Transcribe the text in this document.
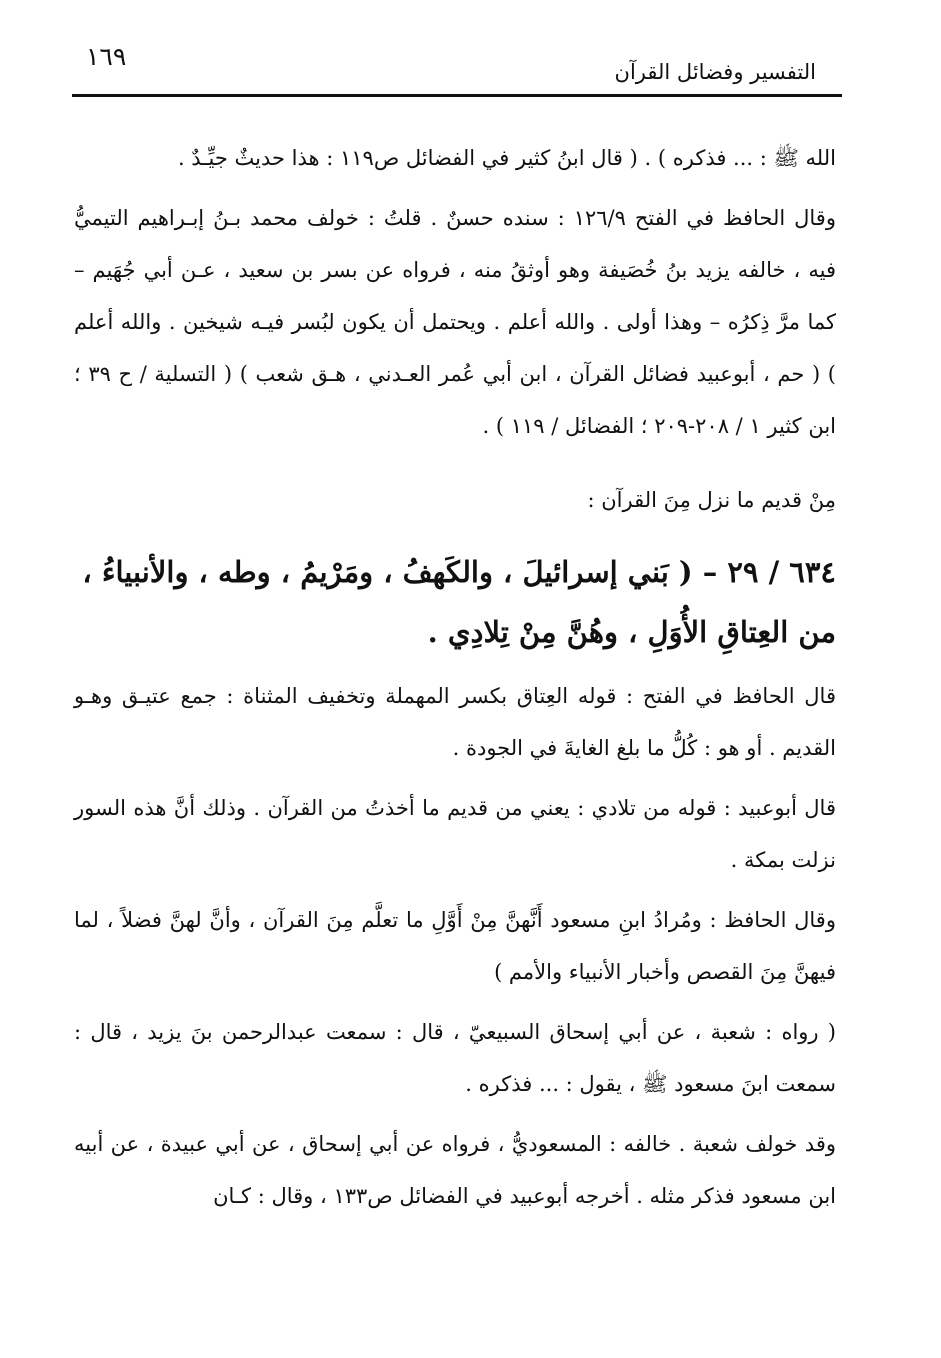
١٦٩
التفسير وفضائل القرآن

الله ﷺ : ... فذكره ) . ( قال ابنُ كثير في الفضائل ص١١٩ : هذا حديثٌ جيِّـدٌ .

وقال الحافظ في الفتح ١٢٦/٩ : سنده حسنٌ . قلتُ : خولف محمد بـنُ إبـراهيم التيميُّ فيه ، خالفه يزيد بنُ خُصَيفة وهو أوثقُ منه ، فرواه عن بسر بن سعيد ، عـن أبي جُهَيم – كما مرَّ ذِكرُه – وهذا أولى . والله أعلم . ويحتمل أن يكون لبُسر فيـه شيخين . والله أعلم ) ( حم ، أبوعبيد فضائل القرآن ، ابن أبي عُمر العـدني ، هـق شعب ) ( التسلية / ح ٣٩ ؛ ابن كثير ١ / ٢٠٨-٢٠٩ ؛ الفضائل / ١١٩ ) .

مِنْ قديم ما نزل مِنَ القرآن :

٦٣٤ / ٢٩ – ( بَني إسرائيلَ ، والكَهفُ ، ومَرْيمُ ، وطه ، والأنبياءُ ،

من العِتاقِ الأُوَلِ ، وهُنَّ مِنْ تِلادِي .

قال الحافظ في الفتح : قوله العِتاق بكسر المهملة وتخفيف المثناة : جمع عتيـق وهـو القديم . أو هو : كُلُّ ما بلغ الغايةَ في الجودة .

قال أبوعبيد : قوله من تلادي : يعني من قديم ما أخذتُ من القرآن . وذلك أنَّ هذه السور نزلت بمكة .

وقال الحافظ : ومُرادُ ابنِ مسعود أَنَّهنَّ مِنْ أَوَّلِ ما تعلَّم مِنَ القرآن ، وأنَّ لهنَّ فضلاً ، لما فيهنَّ مِنَ القصص وأخبار الأنبياء والأمم )

( رواه : شعبة ، عن أبي إسحاق السبيعيّ ، قال : سمعت عبدالرحمن بنَ يزيد ، قال : سمعت ابنَ مسعود ﷺ ، يقول : ... فذكره .

وقد خولف شعبة . خالفه : المسعوديُّ ، فرواه عن أبي إسحاق ، عن أبي عبيدة ، عن أبيه ابن مسعود فذكر مثله . أخرجه أبوعبيد في الفضائل ص١٣٣ ، وقال : كـان
